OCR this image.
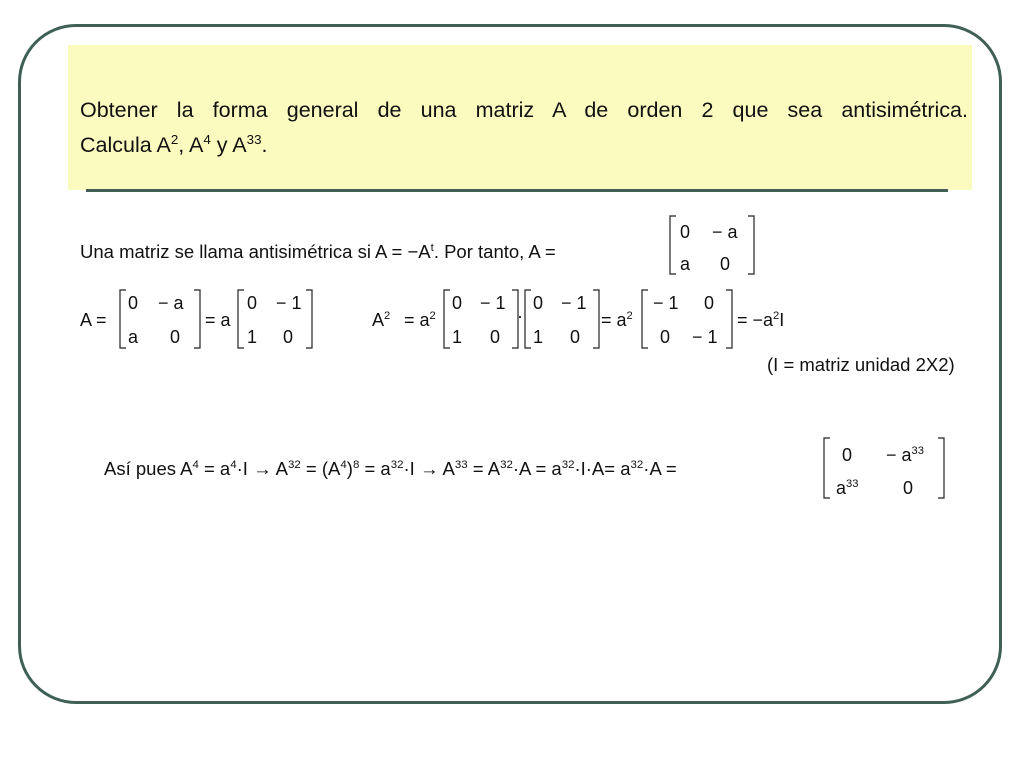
Obtener la forma general de una matriz A de orden 2 que sea antisimétrica.
Calcula $A^2$, $A^4$ y $A^{33}$.
Una matriz se llama antisimétrica si $A = -A^t$. Por tanto, A =
0 − a
a 0
A =
0 − a
a 0
= a
0 − 1
1 0
$A^2 = a^2$
0 − 1
1 0
·
0 − 1
1 0
= $a^2$
− 1 0
0 − 1
= $-a^2I$
(I = matriz unidad 2X2)
Así pues $A^4 = a^4\cdot I \to A^{32} = (A^4)^8 = a^{32}\cdot I \to A^{33} = A^{32}\cdot A = a^{32}\cdot I\cdot A= a^{32}\cdot A$ =
$0 - a^{33}$
$a^{33}$ 0
